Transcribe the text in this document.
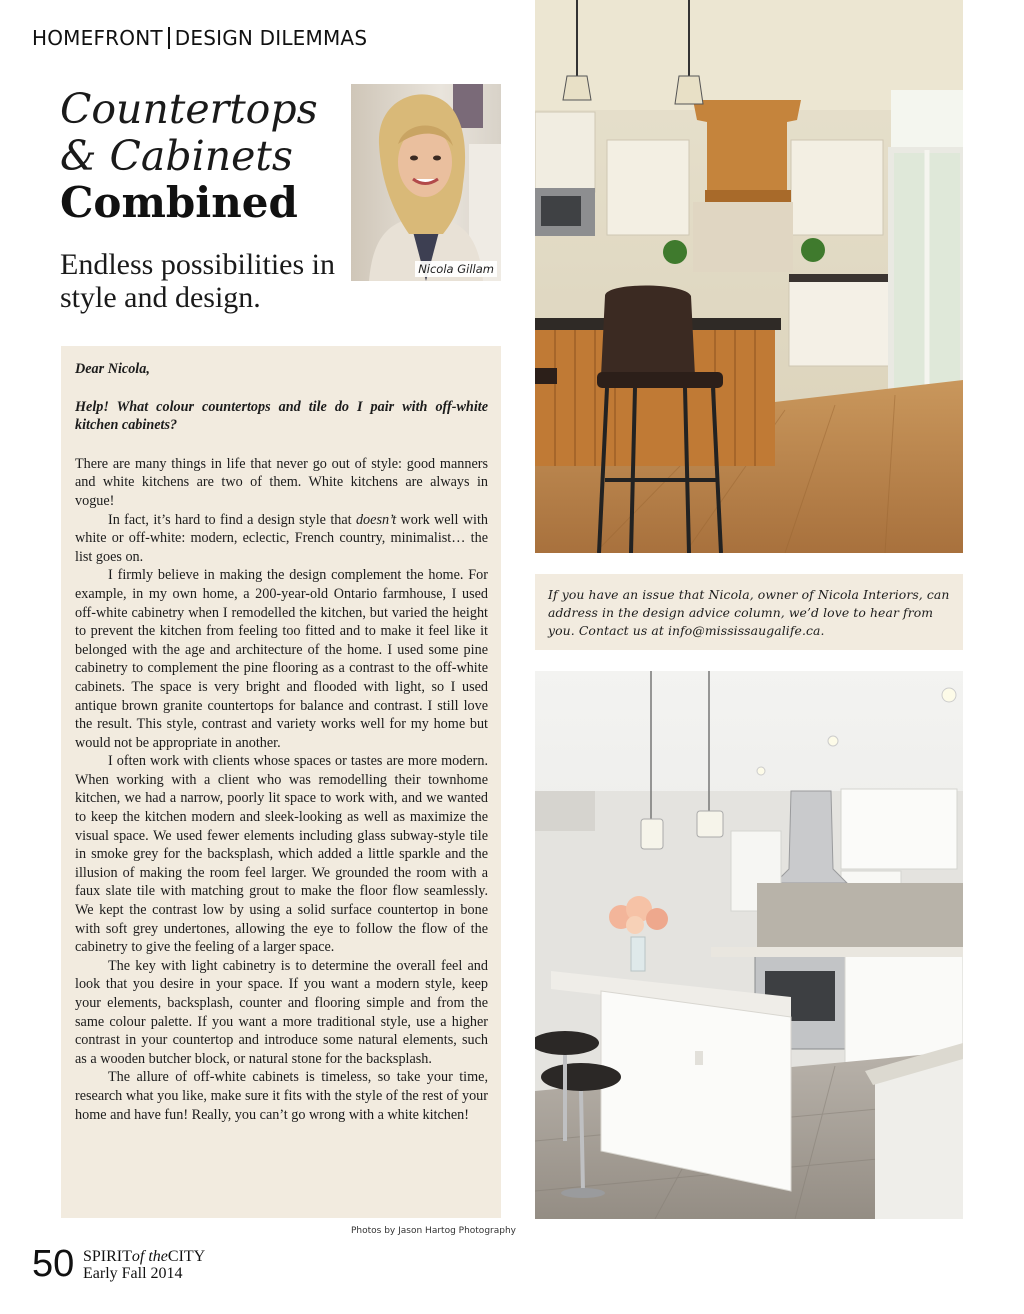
HOMEFRONT DESIGN DILEMMAS
Countertops
& Cabinets
Combined
Endless possibilities in style and design.
Nicola Gillam

Dear Nicola,

Help! What colour countertops and tile do I pair with off-white kitchen cabinets?

There are many things in life that never go out of style: good manners and white kitchens are two of them. White kitchens are always in vogue!

In fact, it’s hard to find a design style that doesn’t work well with white or off-white: modern, eclectic, French country, minimalist… the list goes on.

I firmly believe in making the design complement the home. For example, in my own home, a 200-year-old Ontario farmhouse, I used off-white cabinetry when I remodelled the kitchen, but varied the height to prevent the kitchen from feeling too fitted and to make it feel like it belonged with the age and architecture of the home. I used some pine cabinetry to complement the pine flooring as a contrast to the off-white cabinets. The space is very bright and flooded with light, so I used antique brown granite countertops for balance and contrast. I still love the result. This style, contrast and variety works well for my home but would not be appropriate in another.

I often work with clients whose spaces or tastes are more modern. When working with a client who was remodelling their townhome kitchen, we had a narrow, poorly lit space to work with, and we wanted to keep the kitchen modern and sleek-looking as well as maximize the visual space. We used fewer elements including glass subway-style tile in smoke grey for the backsplash, which added a little sparkle and the illusion of making the room feel larger. We grounded the room with a faux slate tile with matching grout to make the floor flow seamlessly. We kept the contrast low by using a solid surface countertop in bone with soft grey undertones, allowing the eye to follow the flow of the cabinetry to give the feeling of a larger space.

The key with light cabinetry is to determine the overall feel and look that you desire in your space. If you want a modern style, keep your elements, backsplash, counter and flooring simple and from the same colour palette. If you want a more traditional style, use a higher contrast in your countertop and introduce some natural elements, such as a wooden butcher block, or natural stone for the backsplash.

The allure of off-white cabinets is timeless, so take your time, research what you like, make sure it fits with the style of the rest of your home and have fun! Really, you can’t go wrong with a white kitchen!

Photos by Jason Hartog Photography
50 SPIRITof theCITY
Early Fall 2014
If you have an issue that Nicola, owner of Nicola Interiors, can address in the design advice column, we’d love to hear from you. Contact us at info@mississaugalife.ca.
